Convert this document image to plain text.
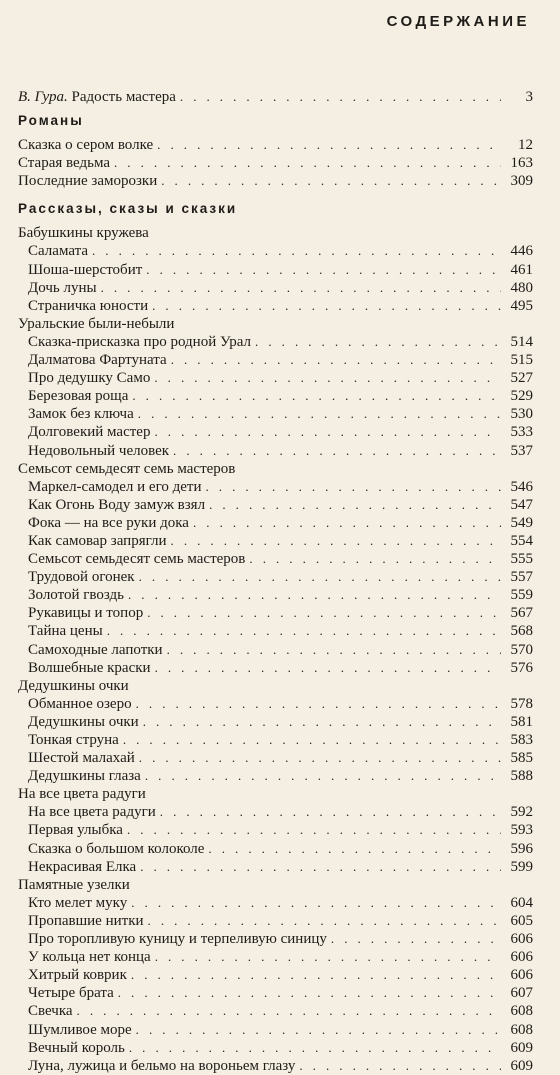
СОДЕРЖАНИЕ
В. Гура. Радость мастера . . .	3
Романы
Сказка о сером волке . . .	12
Старая ведьма . . .	163
Последние заморозки . . .	309
Рассказы, сказы и сказки
Бабушкины кружева
Саламата . . .	446
Шоша-шерстобит . . .	461
Дочь луны . . .	480
Страничка юности . . .	495
Уральские были-небыли
Сказка-присказка про родной Урал . . .	514
Далматова Фартуната . . .	515
Про дедушку Само . . .	527
Березовая роща . . .	529
Замок без ключа . . .	530
Долговекий мастер . . .	533
Недовольный человек . . .	537
Семьсот семьдесят семь мастеров
Маркел-самодел и его дети . . .	546
Как Огонь Воду замуж взял . . .	547
Фока — на все руки дока . . .	549
Как самовар запрягли . . .	554
Семьсот семьдесят семь мастеров . . .	555
Трудовой огонек . . .	557
Золотой гвоздь . . .	559
Рукавицы и топор . . .	567
Тайна цены . . .	568
Самоходные лапотки . . .	570
Волшебные краски . . .	576
Дедушкины очки
Обманное озеро . . .	578
Дедушкины очки . . .	581
Тонкая струна . . .	583
Шестой малахай . . .	585
Дедушкины глаза . . .	588
На все цвета радуги
На все цвета радуги . . .	592
Первая улыбка . . .	593
Сказка о большом колоколе . . .	596
Некрасивая Елка . . .	599
Памятные узелки
Кто мелет муку . . .	604
Пропавшие нитки . . .	605
Про торопливую куницу и терпеливую синицу . . .	606
У кольца нет конца . . .	606
Хитрый коврик . . .	606
Четыре брата . . .	607
Свечка . . .	608
Шумливое море . . .	608
Вечный король . . .	609
Луна, лужица и бельмо на вороньем глазу . . .	609
